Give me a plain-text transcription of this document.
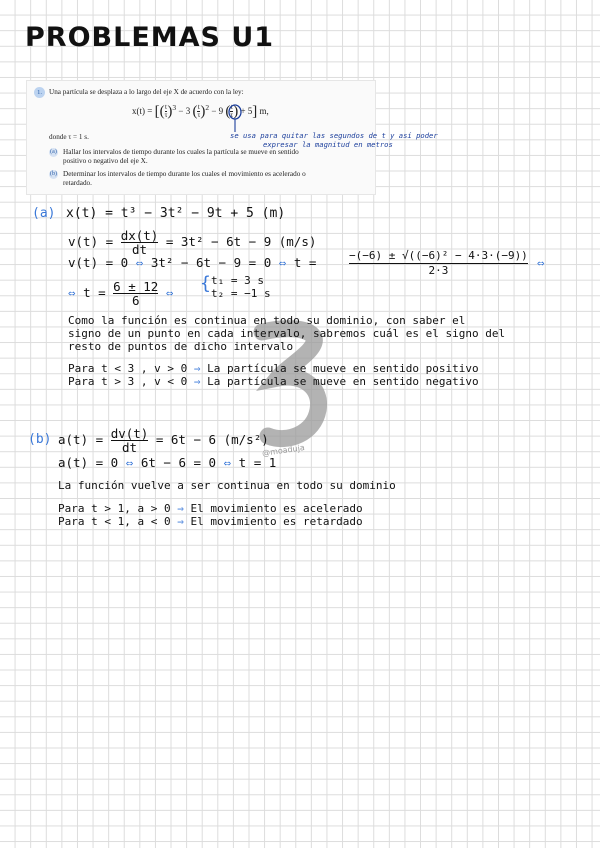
PROBLEMAS U1
1. Una partícula se desplaza a lo largo del eje X de acuerdo con la ley:
x(t) = [( $\frac{t}{\tau} )^3 - 3$ ( $\frac{t}{\tau} )^2 - 9$ ( $\frac{t}{\tau}$ ) + 5] m,
donde τ = 1 s.
(a) Hallar los intervalos de tiempo durante los cuales la partícula se mueve en sentido
positivo o negativo del eje X.
(b) Determinar los intervalos de tiempo durante los cuales el movimiento es acelerado o
retardado.
se usa para quitar las segundos de t y así poder
expresar la magnitud en metros
@moaduja
(a) x(t) = t³ − 3t² − 9t + 5 (m)
$v(t) = \frac{dx(t)}{dt} = 3t^2 - 6t - 9$ (m/s)
v(t) = 0 ⇔ 3t² − 6t − 9 = 0 ⇔ t =	$\frac{\text{−(−6) ± √((−6)² − 4·3·(−9))}}{2\cdot 3}$ ⇔
⇔ $t = \frac{6 \pm 12}{6}$ ⇔ { t₁ = 3 s
t₂ = −1 s
Como la función es continua en todo su dominio, con saber el
signo de un punto en cada intervalo, sabremos cuál es el signo del
resto de puntos de dicho intervalo
Para t < 3 , v > 0 ⇒ La partícula se mueve en sentido positivo
Para t > 3 , v < 0 ⇒ La partícula se mueve en sentido negativo
(b) $a(t) = \frac{dv(t)}{dt} = 6t - 6$ (m/s²)
a(t) = 0 ⇔ 6t − 6 = 0 ⇔ t = 1
La función vuelve a ser continua en todo su dominio
Para t > 1, a > 0 ⇒ El movimiento es acelerado
Para t < 1, a < 0 ⇒ El movimiento es retardado
